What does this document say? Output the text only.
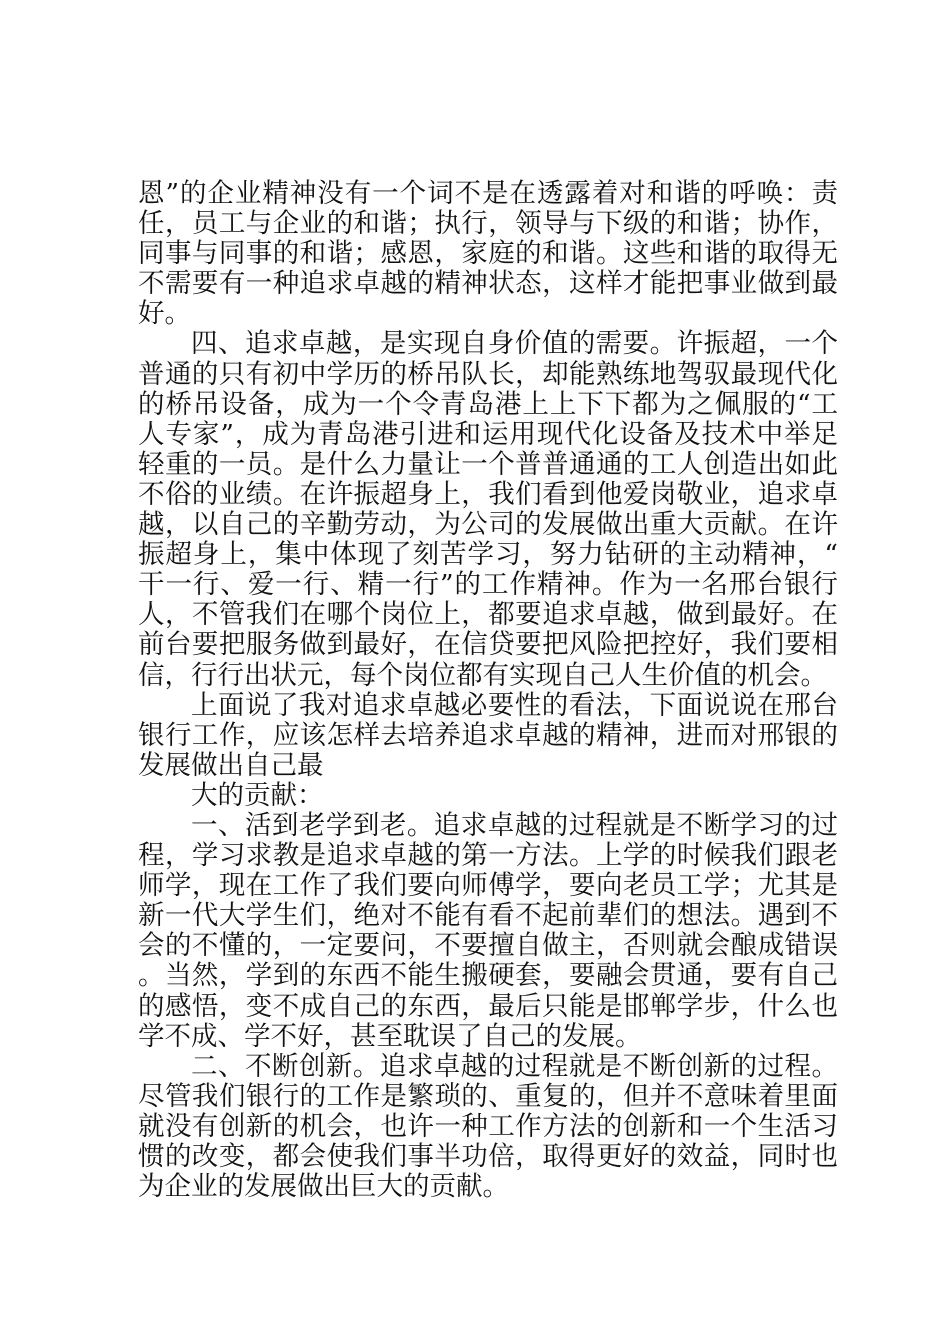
恩”的企业精神没有一个词不是在透露着对和谐的呼唤：责任，员工与企业的和谐；执行，领导与下级的和谐；协作，同事与同事的和谐；感恩，家庭的和谐。这些和谐的取得无不需要有一种追求卓越的精神状态，这样才能把事业做到最好。

四、追求卓越，是实现自身价值的需要。许振超，一个普通的只有初中学历的桥吊队长，却能熟练地驾驭最现代化的桥吊设备，成为一个令青岛港上上下下都为之佩服的“工人专家”，成为青岛港引进和运用现代化设备及技术中举足轻重的一员。是什么力量让一个普普通通的工人创造出如此不俗的业绩。在许振超身上，我们看到他爱岗敬业，追求卓越，以自己的辛勤劳动，为公司的发展做出重大贡献。在许振超身上，集中体现了刻苦学习，努力钻研的主动精神，“干一行、爱一行、精一行”的工作精神。作为一名邢台银行人，不管我们在哪个岗位上，都要追求卓越，做到最好。在前台要把服务做到最好，在信贷要把风险把控好，我们要相信，行行出状元，每个岗位都有实现自己人生价值的机会。

上面说了我对追求卓越必要性的看法，下面说说在邢台银行工作，应该怎样去培养追求卓越的精神，进而对邢银的发展做出自己最

大的贡献：

一、活到老学到老。追求卓越的过程就是不断学习的过程，学习求教是追求卓越的第一方法。上学的时候我们跟老师学，现在工作了我们要向师傅学，要向老员工学；尤其是新一代大学生们，绝对不能有看不起前辈们的想法。遇到不会的不懂的，一定要问，不要擅自做主，否则就会酿成错误。当然，学到的东西不能生搬硬套，要融会贯通，要有自己的感悟，变不成自己的东西，最后只能是邯郸学步，什么也学不成、学不好，甚至耽误了自己的发展。

二、不断创新。追求卓越的过程就是不断创新的过程。尽管我们银行的工作是繁琐的、重复的，但并不意味着里面就没有创新的机会，也许一种工作方法的创新和一个生活习惯的改变，都会使我们事半功倍，取得更好的效益，同时也为企业的发展做出巨大的贡献。
